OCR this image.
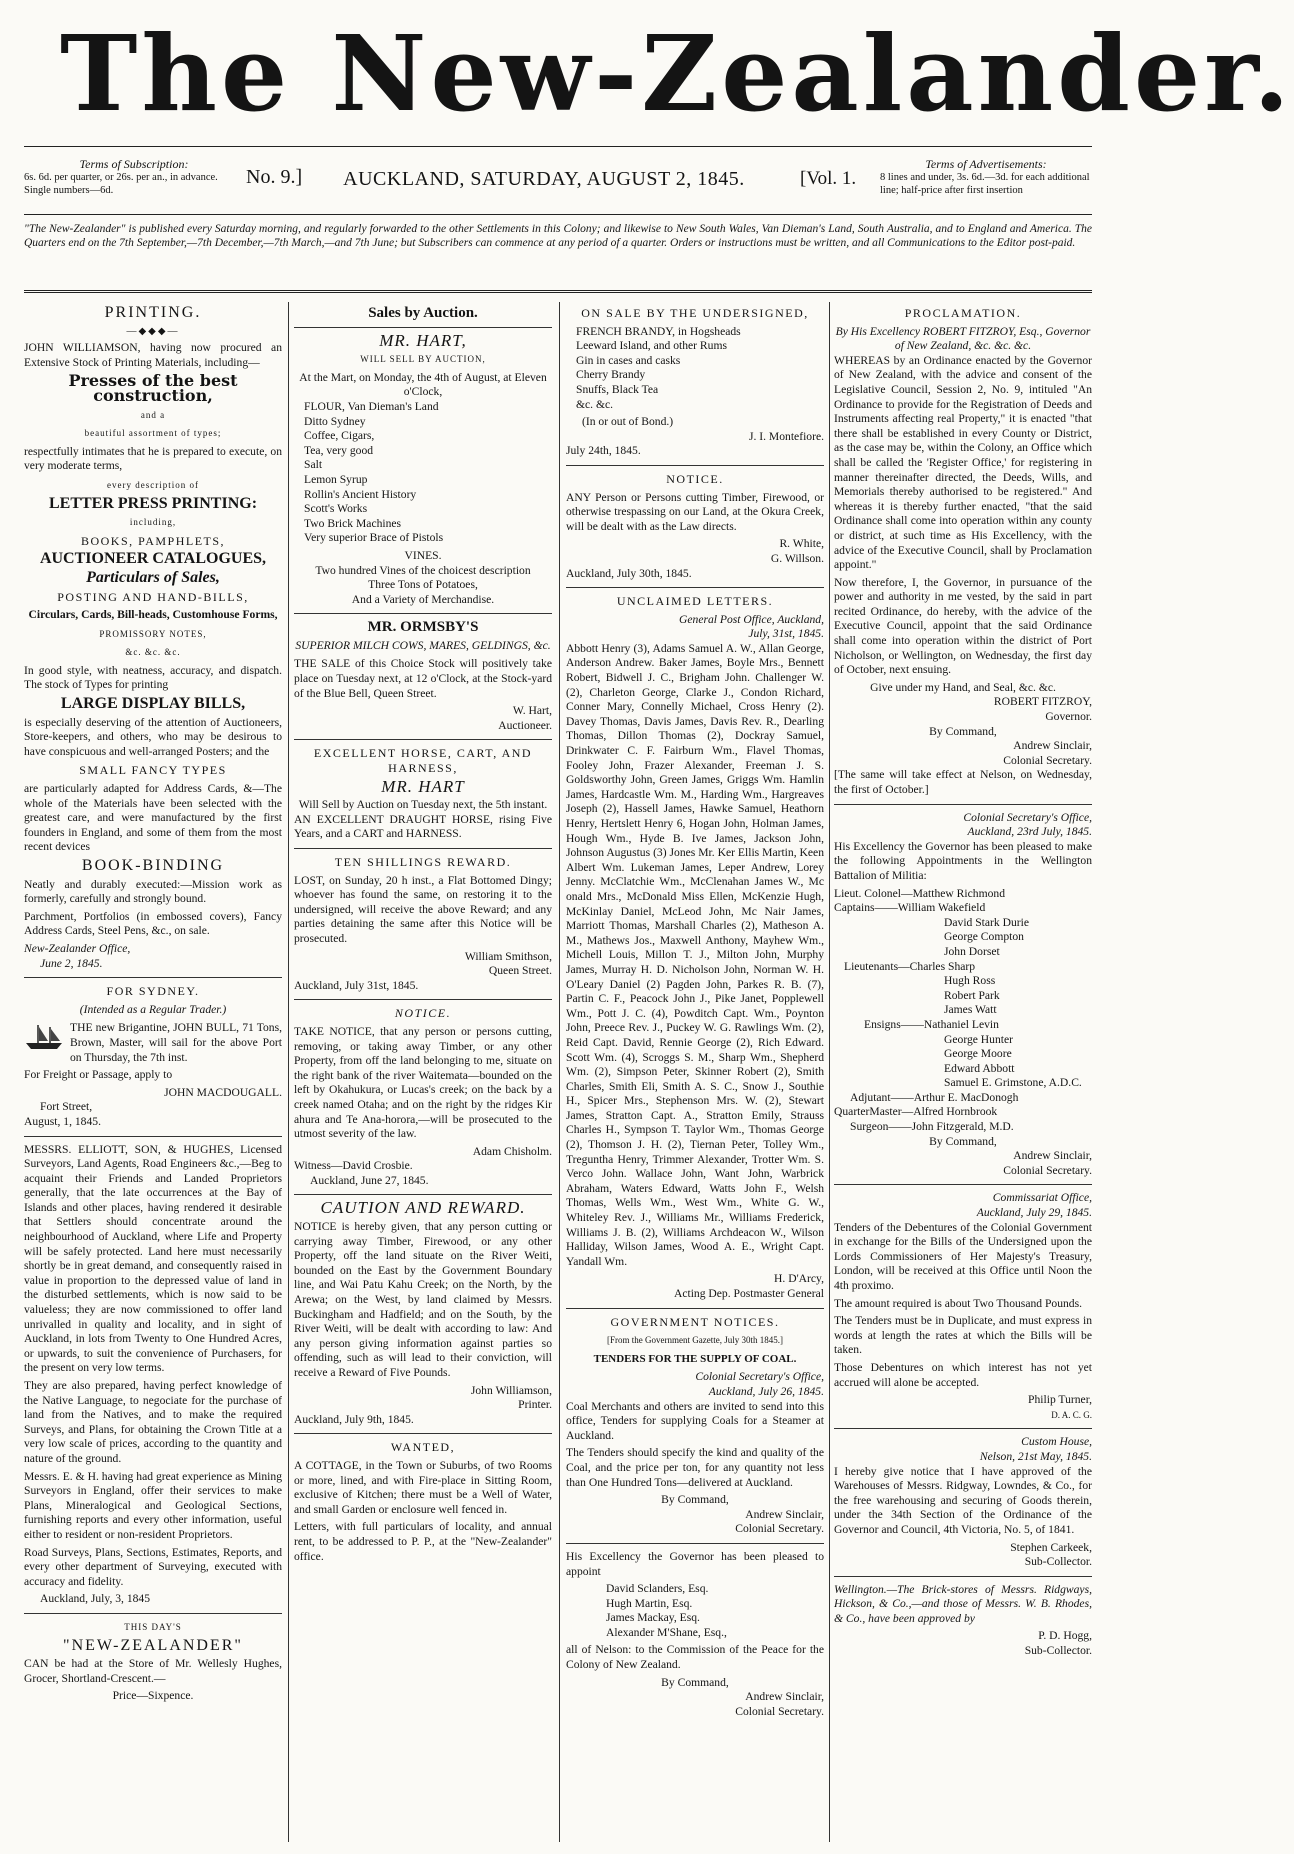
The New-Zealander.
Terms of Subscription:
6s. 6d. per quarter, or 26s. per an., in advance. Single numbers—6d.
No. 9.]	AUCKLAND, SATURDAY, AUGUST 2, 1845.	[Vol. 1.
Terms of Advertisements:
8 lines and under, 3s. 6d.—3d. for each additional line; half-price after first insertion
"The New-Zealander" is published every Saturday morning, and regularly forwarded to the other Settlements in this Colony; and likewise to New South Wales, Van Dieman's Land, South Australia, and to England and America. The Quarters end on the 7th September,—7th December,—7th March,—and 7th June; but Subscribers can commence at any period of a quarter. Orders or instructions must be written, and all Communications to the Editor post-paid.
PRINTING.
—◆◆◆—

JOHN WILLIAMSON, having now procured an Extensive Stock of Printing Materials, including—

Presses of the best construction,
and a
beautiful assortment of types;

respectfully intimates that he is prepared to execute, on very moderate terms,

every description of
LETTER PRESS PRINTING:
including,
BOOKS, PAMPHLETS,
AUCTIONEER CATALOGUES,
Particulars of Sales,
POSTING AND HAND-BILLS,
Circulars, Cards, Bill-heads, Customhouse Forms,
PROMISSORY NOTES,
&c. &c. &c.

In good style, with neatness, accuracy, and dispatch. The stock of Types for printing

LARGE DISPLAY BILLS,

is especially deserving of the attention of Auctioneers, Store-keepers, and others, who may be desirous to have conspicuous and well-arranged Posters; and the

SMALL FANCY TYPES

are particularly adapted for Address Cards, &—The whole of the Materials have been selected with the greatest care, and were manufactured by the first founders in England, and some of them from the most recent devices

BOOK-BINDING

Neatly and durably executed:—Mission work as formerly, carefully and strongly bound.

Parchment, Portfolios (in embossed covers), Fancy Address Cards, Steel Pens, &c., on sale.

New-Zealander Office,
June 2, 1845.
FOR SYDNEY.
(Intended as a Regular Trader.)

THE new Brigantine, JOHN BULL, 71 Tons, Brown, Master, will sail for the above Port on Thursday, the 7th inst.

For Freight or Passage, apply to

JOHN MACDOUGALL.
Fort Street,
August, 1, 1845.

MESSRS. ELLIOTT, SON, & HUGHES, Licensed Surveyors, Land Agents, Road Engineers &c.,—Beg to acquaint their Friends and Landed Proprietors generally, that the late occurrences at the Bay of Islands and other places, having rendered it desirable that Settlers should concentrate around the neighbourhood of Auckland, where Life and Property will be safely protected. Land here must necessarily shortly be in great demand, and consequently raised in value in proportion to the depressed value of land in the disturbed settlements, which is now said to be valueless; they are now commissioned to offer land unrivalled in quality and locality, and in sight of Auckland, in lots from Twenty to One Hundred Acres, or upwards, to suit the convenience of Purchasers, for the present on very low terms.

They are also prepared, having perfect knowledge of the Native Language, to negociate for the purchase of land from the Natives, and to make the required Surveys, and Plans, for obtaining the Crown Title at a very low scale of prices, according to the quantity and nature of the ground.

Messrs. E. & H. having had great experience as Mining Surveyors in England, offer their services to make Plans, Mineralogical and Geological Sections, furnishing reports and every other information, useful either to resident or non-resident Proprietors.

Road Surveys, Plans, Sections, Estimates, Reports, and every other department of Surveying, executed with accuracy and fidelity.

Auckland, July, 3, 1845
THIS DAY'S
"NEW-ZEALANDER"

CAN be had at the Store of Mr. Wellesly Hughes, Grocer, Shortland-Crescent.—

Price—Sixpence.
Sales by Auction.
MR. HART,
WILL SELL BY AUCTION,
At the Mart, on Monday, the 4th of August, at Eleven o'Clock,
FLOUR, Van Dieman's Land
Ditto Sydney
Coffee, Cigars,
Tea, very good
Salt
Lemon Syrup
Rollin's Ancient History
Scott's Works
Two Brick Machines
Very superior Brace of Pistols
VINES.
Two hundred Vines of the choicest description
Three Tons of Potatoes,
And a Variety of Merchandise.
MR. ORMSBY'S
SUPERIOR MILCH COWS, MARES, GELDINGS, &c.

THE SALE of this Choice Stock will positively take place on Tuesday next, at 12 o'Clock, at the Stock-yard of the Blue Bell, Queen Street.

W. Hart,
Auctioneer.
EXCELLENT HORSE, CART, AND HARNESS,
MR. HART
Will Sell by Auction on Tuesday next, the 5th instant.

AN EXCELLENT DRAUGHT HORSE, rising Five Years, and a CART and HARNESS.

TEN SHILLINGS REWARD.

LOST, on Sunday, 20 h inst., a Flat Bottomed Dingy; whoever has found the same, on restoring it to the undersigned, will receive the above Reward; and any parties detaining the same after this Notice will be prosecuted.

William Smithson,
Queen Street.
Auckland, July 31st, 1845.
NOTICE.

TAKE NOTICE, that any person or persons cutting, removing, or taking away Timber, or any other Property, from off the land belonging to me, situate on the right bank of the river Waitemata—bounded on the left by Okahukura, or Lucas's creek; on the back by a creek named Otaha; and on the right by the ridges Kir ahura and Te Ana-horora,—will be prosecuted to the utmost severity of the law.

Adam Chisholm.
Witness—David Crosbie.
Auckland, June 27, 1845.
CAUTION AND REWARD.

NOTICE is hereby given, that any person cutting or carrying away Timber, Firewood, or any other Property, off the land situate on the River Weiti, bounded on the East by the Government Boundary line, and Wai Patu Kahu Creek; on the North, by the Arewa; on the West, by land claimed by Messrs. Buckingham and Hadfield; and on the South, by the River Weiti, will be dealt with according to law: And any person giving information against parties so offending, such as will lead to their conviction, will receive a Reward of Five Pounds.

John Williamson,
Printer.
Auckland, July 9th, 1845.
WANTED,

A COTTAGE, in the Town or Suburbs, of two Rooms or more, lined, and with Fire-place in Sitting Room, exclusive of Kitchen; there must be a Well of Water, and small Garden or enclosure well fenced in.

Letters, with full particulars of locality, and annual rent, to be addressed to P. P., at the "New-Zealander" office.

ON SALE BY THE UNDERSIGNED,
FRENCH BRANDY, in Hogsheads
Leeward Island, and other Rums
Gin in cases and casks
Cherry Brandy
Snuffs, Black Tea
&c. &c.
(In or out of Bond.)
J. I. Montefiore.
July 24th, 1845.
NOTICE.

ANY Person or Persons cutting Timber, Firewood, or otherwise trespassing on our Land, at the Okura Creek, will be dealt with as the Law directs.

R. White,
G. Willson.
Auckland, July 30th, 1845.
UNCLAIMED LETTERS.
General Post Office, Auckland,
July, 31st, 1845.

Abbott Henry (3), Adams Samuel A. W., Allan George, Anderson Andrew. Baker James, Boyle Mrs., Bennett Robert, Bidwell J. C., Brigham John. Challenger W. (2), Charleton George, Clarke J., Condon Richard, Conner Mary, Connelly Michael, Cross Henry (2). Davey Thomas, Davis James, Davis Rev. R., Dearling Thomas, Dillon Thomas (2), Dockray Samuel, Drinkwater C. F. Fairburn Wm., Flavel Thomas, Fooley John, Frazer Alexander, Freeman J. S. Goldsworthy John, Green James, Griggs Wm. Hamlin James, Hardcastle Wm. M., Harding Wm., Hargreaves Joseph (2), Hassell James, Hawke Samuel, Heathorn Henry, Hertslett Henry 6, Hogan John, Holman James, Hough Wm., Hyde B. Ive James, Jackson John, Johnson Augustus (3) Jones Mr. Ker Ellis Martin, Keen Albert Wm. Lukeman James, Leper Andrew, Lorey Jenny. McClatchie Wm., McClenahan James W., Mc onald Mrs., McDonald Miss Ellen, McKenzie Hugh, McKinlay Daniel, McLeod John, Mc Nair James, Marriott Thomas, Marshall Charles (2), Matheson A. M., Mathews Jos., Maxwell Anthony, Mayhew Wm., Michell Louis, Millon T. J., Milton John, Murphy James, Murray H. D. Nicholson John, Norman W. H. O'Leary Daniel (2) Pagden John, Parkes R. B. (7), Partin C. F., Peacock John J., Pike Janet, Popplewell Wm., Pott J. C. (4), Powditch Capt. Wm., Poynton John, Preece Rev. J., Puckey W. G. Rawlings Wm. (2), Reid Capt. David, Rennie George (2), Rich Edward. Scott Wm. (4), Scroggs S. M., Sharp Wm., Shepherd Wm. (2), Simpson Peter, Skinner Robert (2), Smith Charles, Smith Eli, Smith A. S. C., Snow J., Southie H., Spicer Mrs., Stephenson Mrs. W. (2), Stewart James, Stratton Capt. A., Stratton Emily, Strauss Charles H., Sympson T. Taylor Wm., Thomas George (2), Thomson J. H. (2), Tiernan Peter, Tolley Wm., Treguntha Henry, Trimmer Alexander, Trotter Wm. S. Verco John. Wallace John, Want John, Warbrick Abraham, Waters Edward, Watts John F., Welsh Thomas, Wells Wm., West Wm., White G. W., Whiteley Rev. J., Williams Mr., Williams Frederick, Williams J. B. (2), Williams Archdeacon W., Wilson Halliday, Wilson James, Wood A. E., Wright Capt. Yandall Wm.

H. D'Arcy,
Acting Dep. Postmaster General
GOVERNMENT NOTICES.
[From the Government Gazette, July 30th 1845.]
TENDERS FOR THE SUPPLY OF COAL.
Colonial Secretary's Office,
Auckland, July 26, 1845.

Coal Merchants and others are invited to send into this office, Tenders for supplying Coals for a Steamer at Auckland.

The Tenders should specify the kind and quality of the Coal, and the price per ton, for any quantity not less than One Hundred Tons—delivered at Auckland.

By Command,
Andrew Sinclair,
Colonial Secretary.

His Excellency the Governor has been pleased to appoint

David Sclanders, Esq.
Hugh Martin, Esq.
James Mackay, Esq.
Alexander M'Shane, Esq.,

all of Nelson: to the Commission of the Peace for the Colony of New Zealand.

By Command,
Andrew Sinclair,
Colonial Secretary.
PROCLAMATION.
By His Excellency ROBERT FITZROY, Esq., Governor of New Zealand, &c. &c. &c.

WHEREAS by an Ordinance enacted by the Governor of New Zealand, with the advice and consent of the Legislative Council, Session 2, No. 9, intituled "An Ordinance to provide for the Registration of Deeds and Instruments affecting real Property," it is enacted "that there shall be established in every County or District, as the case may be, within the Colony, an Office which shall be called the 'Register Office,' for registering in manner thereinafter directed, the Deeds, Wills, and Memorials thereby authorised to be registered." And whereas it is thereby further enacted, "that the said Ordinance shall come into operation within any county or district, at such time as His Excellency, with the advice of the Executive Council, shall by Proclamation appoint."

Now therefore, I, the Governor, in pursuance of the power and authority in me vested, by the said in part recited Ordinance, do hereby, with the advice of the Executive Council, appoint that the said Ordinance shall come into operation within the district of Port Nicholson, or Wellington, on Wednesday, the first day of October, next ensuing.

Give under my Hand, and Seal, &c. &c.
ROBERT FITZROY,
Governor.
By Command,
Andrew Sinclair,
Colonial Secretary.

[The same will take effect at Nelson, on Wednesday, the first of October.]

Colonial Secretary's Office,
Auckland, 23rd July, 1845.

His Excellency the Governor has been pleased to make the following Appointments in the Wellington Battalion of Militia:

Lieut. Colonel—Matthew Richmond
Captains——William Wakefield
David Stark Durie
George Compton
John Dorset
Lieutenants—Charles Sharp
Hugh Ross
Robert Park
James Watt
Ensigns——Nathaniel Levin
George Hunter
George Moore
Edward Abbott
Samuel E. Grimstone, A.D.C.
Adjutant——Arthur E. MacDonogh
QuarterMaster—Alfred Hornbrook
Surgeon——John Fitzgerald, M.D.
By Command,
Andrew Sinclair,
Colonial Secretary.
Commissariat Office,
Auckland, July 29, 1845.

Tenders of the Debentures of the Colonial Government in exchange for the Bills of the Undersigned upon the Lords Commissioners of Her Majesty's Treasury, London, will be received at this Office until Noon the 4th proximo.

The amount required is about Two Thousand Pounds.

The Tenders must be in Duplicate, and must express in words at length the rates at which the Bills will be taken.

Those Debentures on which interest has not yet accrued will alone be accepted.

Philip Turner,
D. A. C. G.
Custom House,
Nelson, 21st May, 1845.

I hereby give notice that I have approved of the Warehouses of Messrs. Ridgway, Lowndes, & Co., for the free warehousing and securing of Goods therein, under the 34th Section of the Ordinance of the Governor and Council, 4th Victoria, No. 5, of 1841.

Stephen Carkeek,
Sub-Collector.

Wellington.—The Brick-stores of Messrs. Ridgways, Hickson, & Co.,—and those of Messrs. W. B. Rhodes, & Co., have been approved by

P. D. Hogg,
Sub-Collector.
